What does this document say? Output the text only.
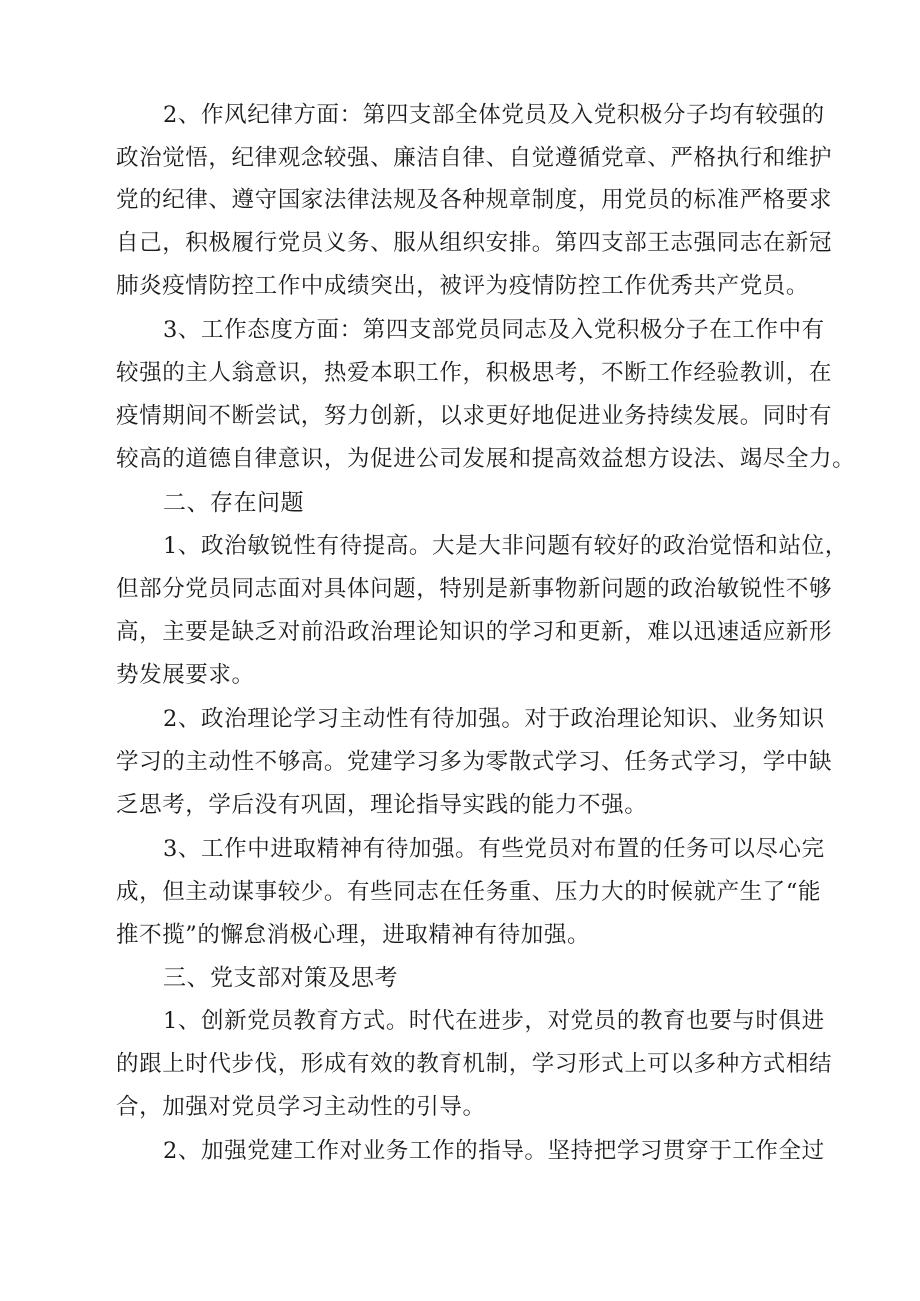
2、作风纪律方面：第四支部全体党员及入党积极分子均有较强的
政治觉悟，纪律观念较强、廉洁自律、自觉遵循党章、严格执行和维护
党的纪律、遵守国家法律法规及各种规章制度，用党员的标准严格要求
自己，积极履行党员义务、服从组织安排。第四支部王志强同志在新冠
肺炎疫情防控工作中成绩突出，被评为疫情防控工作优秀共产党员。
3、工作态度方面：第四支部党员同志及入党积极分子在工作中有
较强的主人翁意识，热爱本职工作，积极思考，不断工作经验教训，在
疫情期间不断尝试，努力创新，以求更好地促进业务持续发展。同时有
较高的道德自律意识，为促进公司发展和提高效益想方设法、竭尽全力。
二、存在问题
1、政治敏锐性有待提高。大是大非问题有较好的政治觉悟和站位，
但部分党员同志面对具体问题，特别是新事物新问题的政治敏锐性不够
高，主要是缺乏对前沿政治理论知识的学习和更新，难以迅速适应新形
势发展要求。
2、政治理论学习主动性有待加强。对于政治理论知识、业务知识
学习的主动性不够高。党建学习多为零散式学习、任务式学习，学中缺
乏思考，学后没有巩固，理论指导实践的能力不强。
3、工作中进取精神有待加强。有些党员对布置的任务可以尽心完
成，但主动谋事较少。有些同志在任务重、压力大的时候就产生了“能
推不揽”的懈怠消极心理，进取精神有待加强。
三、党支部对策及思考
1、创新党员教育方式。时代在进步，对党员的教育也要与时俱进
的跟上时代步伐，形成有效的教育机制，学习形式上可以多种方式相结
合，加强对党员学习主动性的引导。
2、加强党建工作对业务工作的指导。坚持把学习贯穿于工作全过
